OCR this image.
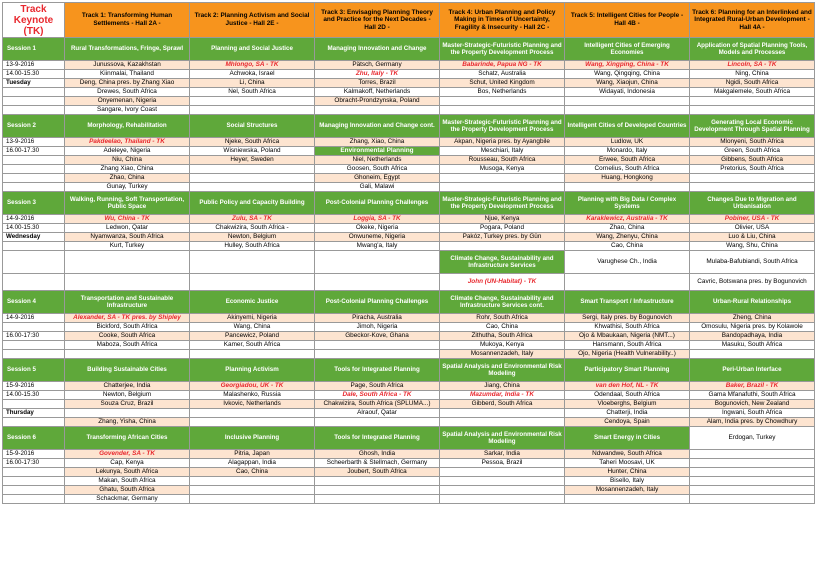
Track Keynote (TK)	Track 1: Transforming Human Settlements - Hall 2A -	Track 2: Planning Activism and Social Justice - Hall 2E -	Track 3: Envisaging Planning Theory and Practice for the Next Decades - Hall 2D -	Track 4: Urban Planning and Policy Making in Times of Uncertainty, Fragility & Insecurity - Hall 2C -	Track 5: Intelligent Cities for People - Hall 4B -	Track 6: Planning for an Interlinked and Integrated Rural-Urban Development - Hall 4A -
Session 1	Rural Transformations, Fringe, Sprawl	Planning and Social Justice	Managing Innovation and Change	Master-Strategic-Futuristic Planning and the Property Development Process	Intelligent Cities of Emerging Economies	Application of Spatial Planning Tools, Models and Processes
13-9-2016	Junussova, Kazakhstan	Mhlongo, SA - TK	Pätsch, Germany	Babarinde, Papua NG - TK	Wang, Xingping, China - TK	Lincoln, SA - TK
14.00-15.30	Kiinmalai, Thailand	Achwoka, Israel	Zhu, Italy - TK	Schatz, Australia	Wang, Qingqing, China	Ning, China
Tuesday	Deng, China pres. by Zhang Xiao	Li, China	Torres, Brazil	Schut, United Kingdom	Wang, Xiaojun, China	Ngidi, South Africa
	Drewes, South Africa	Nel, South Africa	Kalmakoff, Netherlands	Bos, Netherlands	Widayati, Indonesia	Makgalemele, South Africa
	Onyemenan, Nigeria		Obracht-Prondzynska, Poland			
	Sangare, Ivory Coast					
Session 2	Morphology, Rehabilitation	Social Structures	Managing Innovation and Change cont.	Master-Strategic-Futuristic Planning and the Property Development Process	Intelligent Cities of Developed Countries	Generating Local Economic Development Through Spatial Planning
13-9-2016	Pakdeelao, Thailand - TK	Njeke, South Africa	Zhang, Xiao, China	Akpan, Nigeria pres. by Ayangbile	Ludlow, UK	Mlonyeni, South Africa
16.00-17.30	Adeleye, Nigeria	Wisniewska, Poland	Environmental Planning	Meschiari, Italy	Monardo, Italy	Green, South Africa
	Niu, China	Heyer, Sweden	Niel, Netherlands	Rousseau, South Africa	Erwee, South Africa	Gibbens, South Africa
	Zhang Xiao, China		Goosen, South Africa	Musoga, Kenya	Cornelius, South Africa	Pretorius, South Africa
	Zhao, China		Ghoneim, Egypt		Huang, Hongkong	
	Gunay, Turkey		Gali, Malawi			
Session 3	Walking, Running, Soft Transportation, Public Space	Public Policy and Capacity Building	Post-Colonial Planning Challenges	Master-Strategic-Futuristic Planning and the Property Development Process	Planning with Big Data / Complex Systems	Changes Due to Migration and Urbanisation
14-9-2016	Wu, China - TK	Zulu, SA - TK	Loggia, SA - TK	Njue, Kenya	Karaklewicz, Australia - TK	Pobiner, USA - TK
14.00-15.30	Ledwon, Qatar	Chakwizira, South Africa -	Okeke, Nigeria	Pogara, Poland	Zhao, China	Olivier, USA
Wednesday	Nyamwanza, South Africa	Newton, Belgium	Onwuneme, Nigeria	Pakóz, Turkey pres. by Gün	Wang, Zhenyu, China	Luo & Liu, China
	Kurt, Turkey	Hulley, South Africa	Mwang'a, Italy		Cao, China	Wang, Shu, China
				Climate Change, Sustainability and Infrastructure Services	Varughese Ch., India	Mulaba-Bafubiandi, South Africa
				John (UN-Habitat) - TK		Cavric, Botswana pres. by Bogunovich
Session 4	Transportation and Sustainable Infrastructure	Economic Justice	Post-Colonial Planning Challenges	Climate Change, Sustainability and Infrastructure Services cont.	Smart Transport / Infrastructure	Urban-Rural Relationships
14-9-2016	Alexander, SA - TK pres. by Shipley	Akinyemi, Nigeria	Piracha, Australia	Rohr, South Africa	Sergi, Italy pres. by Bogunovich	Zheng, China
	Bickford, South Africa	Wang, China	Jimoh, Nigeria	Cao, China	Khwathisi, South Africa	Omosulu, Nigeria pres. by Kolawole
16.00-17:30	Cooke, South Africa	Pancewicz, Poland	Gbeckor-Kove, Ghana	Zithutha, South Africa	Ojo & Mbaukaan, Nigeria (NMT...)	Bandopadhaya, India
	Maboza, South Africa	Kamer, South Africa		Mukoya, Kenya	Hansmann, South Africa	Masuku, South Africa
				Mosannenzadeh, Italy	Ojo, Nigeria (Health Vulnerability..)	
Session 5	Building Sustainable Cities	Planning Activism	Tools for Integrated Planning	Spatial Analysis and Environmental Risk Modeling	Participatory Smart Planning	Peri-Urban Interface
15-9-2016	Chatterjee, India	Georgiadou, UK - TK	Page, South Africa	Jiang, China	van den Hof, NL - TK	Baker, Brazil - TK
14.00-15.30	Newton, Belgium	Malashenko, Russia	Dale, South Africa - TK	Mazumdar, India - TK	Odendaal, South Africa	Gama Mfanafuthi, South Africa
	Souza Cruz, Brazil	Ivkovic, Netherlands	Chakwizira, South Africa (SPLUMA...)	Gibberd, South Africa	Vloeberghs, Belgium	Bogunovich, New Zealand
Thursday			Alraouf, Qatar		Chatterji, India	Ingwani, South Africa
	Zhang, Yisha, China				Cendoya, Spain	Alam, India pres. by Chowdhury
Session 6	Transforming African Cities	Inclusive Planning	Tools for Integrated Planning	Spatial Analysis and Environmental Risk Modeling	Smart Energy in Cities	Erdogan, Turkey
15-9-2016	Govender, SA - TK	Pitria, Japan	Ghosh, India	Sarkar, India	Ndwandwe, South Africa	
16.00-17:30	Cap, Kenya	Alagappan, India	Scheerbarth & Stellmach, Germany	Pessoa, Brazil	Taheri Moosavi, UK	
	Lekunya, South Africa	Cao, China	Joubert, South Africa		Hunter, China	
	Makan, South Africa				Bisello, Italy	
	Ghatu, South Africa				Mosannenzadeh, Italy	
	Schackmar, Germany					
